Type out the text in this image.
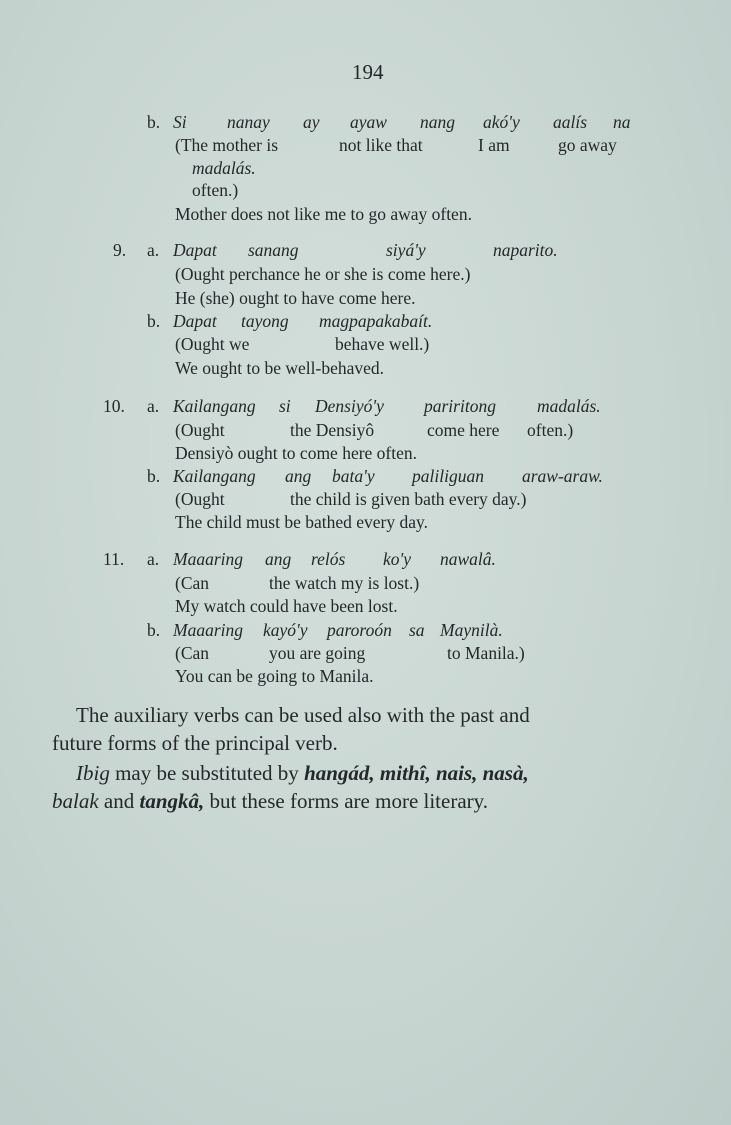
194
b. Si nanay ay ayaw nang akó'y aalís na
(The mother is	not like that	I am	go away
madalás.
often.)
Mother does not like me to go away often.
9. a. Dapat sanang	siyá'y	naparito.
(Ought perchance he or she is come here.)
He (she) ought to have come here.
b. Dapat tayong magpapakabaít.
(Ought we	behave well.)
We ought to be well-behaved.
10. a. Kailangang si Densiyó'y pariritong madalás.
(Ought	the Densiyô	come here often.)
Densiyò ought to come here often.
b. Kailangang ang bata'y paliliguan araw-araw.
(Ought	the child is given bath every day.)
The child must be bathed every day.
11. a. Maaaring ang relós ko'y nawalâ.
(Can	the watch my is lost.)
My watch could have been lost.
b. Maaaring kayó'y paroroón sa Maynilà.
(Can	you are going	to Manila.)
You can be going to Manila.
The auxiliary verbs can be used also with the past and
future forms of the principal verb.
Ibig may be substituted by hangád, mithî, nais, nasà,
balak and tangkâ, but these forms are more literary.
